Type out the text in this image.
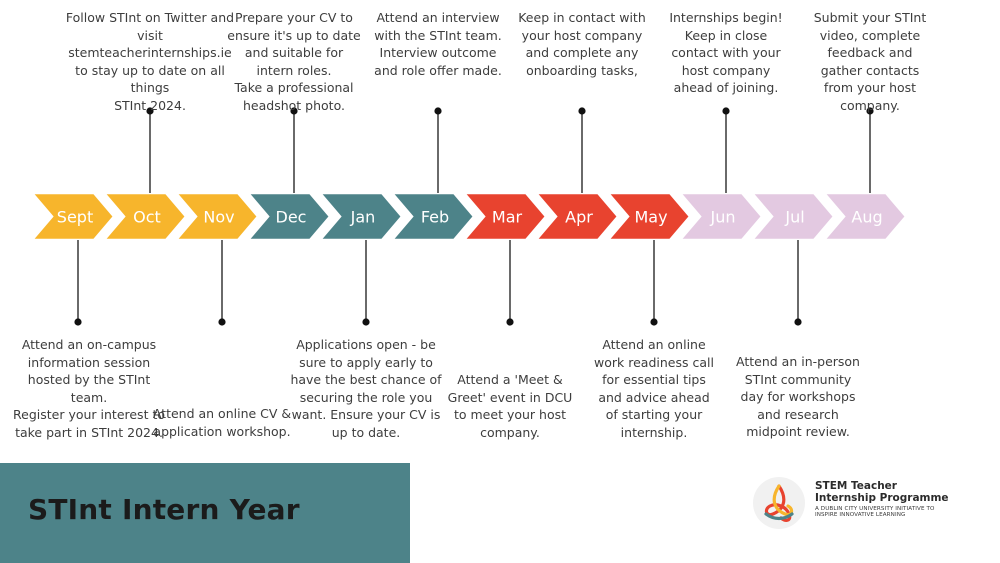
Sept Oct	Nov	Dec	Jan	Feb	Mar	Apr	May	Jun	Jul	Aug
STInt Intern Year
STEM Teacher
Internship Programme
A DUBLIN CITY UNIVERSITY INITIATIVE TO
INSPIRE INNOVATIVE LEARNING
Follow STInt on Twitter and
visit stemteacherinternships.ie
to stay up to date on all things
STInt 2024.
Prepare your CV to
ensure it's up to date
and suitable for
intern roles.
Take a professional
headshot photo.
Attend an interview
with the STInt team.
Interview outcome
and role offer made.
Keep in contact with
your host company
and complete any
onboarding tasks,
Internships begin!
Keep in close
contact with your
host company
ahead of joining.
Submit your STInt
video, complete
feedback and
gather contacts
from your host
company.
Attend an on-campus
information session
hosted by the STInt
team.
Register your interest to
take part in STInt 2024.
Attend an online CV &
application workshop.
Applications open - be
sure to apply early to
have the best chance of
securing the role you
want. Ensure your CV is
up to date.
Attend a 'Meet &
Greet' event in DCU
to meet your host
company.
Attend an online
work readiness call
for essential tips
and advice ahead
of starting your
internship.
Attend an in-person
STInt community
day for workshops
and research
midpoint review.
